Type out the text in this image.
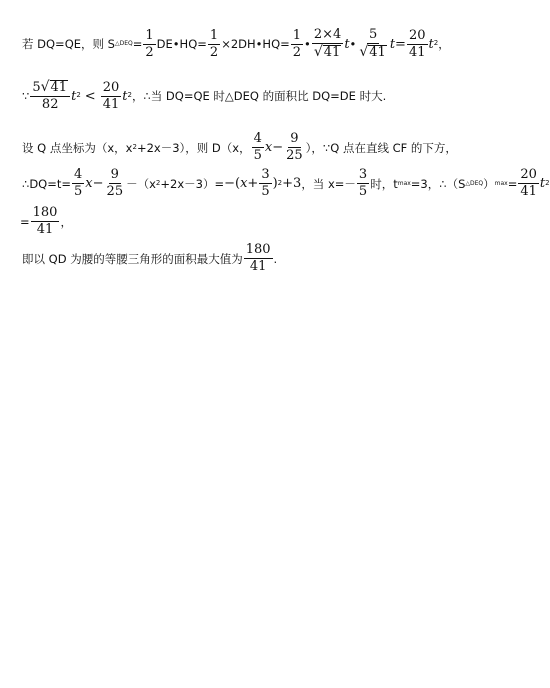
若 DQ=QE，则 S △DEQ = $\frac{1}{2}$ DE•HQ= $\frac{1}{2}$ ×2DH•HQ= $\frac{1}{2}$ • $\frac{2\times 4}{√ 41}$ t • $\frac{5}{√ 41}$ $t = \frac{20}{41} t^2$ ，
∵ $\frac{5 √ 41}{82} t^2 < \frac{20}{41} t^2$ ，∴当 DQ=QE 时△DEQ 的面积比 DQ=DE 时大.
设 Q 点坐标为（x，$x^2 +2x-3$），则 D（x， $\frac{4}{5}$ $x - \frac{9}{25}$ ），∵Q 点在直线 CF 的下方，
∴DQ=t= $\frac{4}{5}$ $x - \frac{9}{25} -(x^2 +2x-3)=$ −( $x + \frac{3}{5} )^2 +3$ ，当 $x=- \frac{3}{5}$ 时，t max =3，∴（S △DEQ ） $\max = \frac{20}{41} t^2$
= $\frac{180}{41}$ ，
即以 QD 为腰的等腰三角形的面积最大值为 $\frac{180}{41}$ .
